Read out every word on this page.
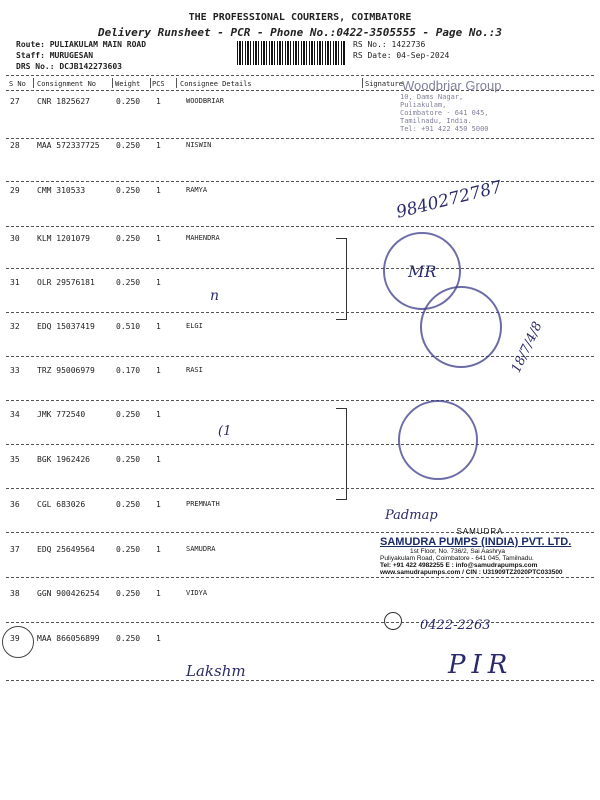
THE PROFESSIONAL COURIERS, COIMBATORE
Delivery Runsheet - PCR - Phone No.:0422-3505555 - Page No.:3
Route: PULIAKULAM MAIN ROAD
Staff: MURUGESAN
DRS No.: DCJB142273603
RS No.: 1422736
RS Date: 04-Sep-2024
S No Consignment No	Weight PCS Consignee Details	Signature
27 CNR 1825627	0.250 1	WOODBRIAR
28 MAA 572337725 0.250 1	NISWIN
29 CMM 310533	0.250 1	RAMYA
30 KLM 1201079	0.250 1	MAHENDRA
31 OLR 29576181	0.250 1
32 EDQ 15037419	0.510 1	ELGI
33 TRZ 95006979	0.170 1	RASI
34 JMK 772540	0.250 1
35 BGK 1962426	0.250 1
36 CGL 683026	0.250 1	PREMNATH
37 EDQ 25649564	0.250 1	SAMUDRA
38 GGN 900426254 0.250 1	VIDYA
39 MAA 866056899 0.250 1
Woodbriar Group
10, Dams Nagar,
Puliakulam,
Coimbatore - 641 045,
Tamilnadu, India.
Tel: +91 422 450 5000
9840272787
MR
18/7/4/8
n
(1
Padmap
0422-2263
Lakshm	PIR
SAMUDRA
SAMUDRA PUMPS (INDIA) PVT. LTD.
1st Floor, No. 736/2, Sai Aashrya
Puliyakulam Road, Coimbatore - 641 045, Tamilnadu.
Tel: +91 422 4982255 E : info@samudrapumps.com
www.samudrapumps.com / CIN : U31909TZ2020PTC033500
